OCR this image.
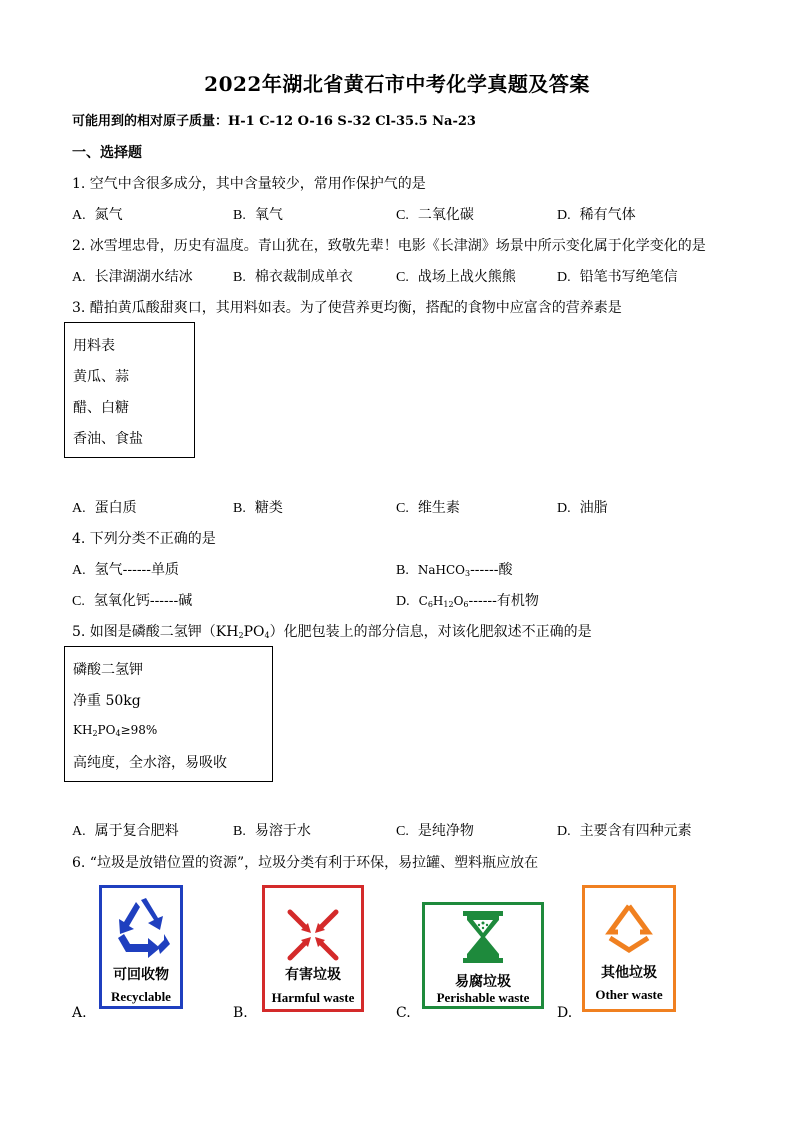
2022年湖北省黄石市中考化学真题及答案
可能用到的相对原子质量：H-1 C-12 O-16 S-32 Cl-35.5 Na-23
一、选择题
1. 空气中含很多成分，其中含量较少，常用作保护气的是
A. 氮气	B. 氧气	C. 二氧化碳	D. 稀有气体
2. 冰雪埋忠骨，历史有温度。青山犹在，致敬先辈！电影《长津湖》场景中所示变化属于化学变化的是
A. 长津湖湖水结冰	B. 棉衣裁制成单衣	C. 战场上战火熊熊	D. 铅笔书写绝笔信
3. 醋拍黄瓜酸甜爽口，其用料如表。为了使营养更均衡，搭配的食物中应富含的营养素是
用料表
黄瓜、蒜
醋、白糖
香油、食盐
A. 蛋白质	B. 糖类	C. 维生素	D. 油脂
4. 下列分类不正确的是
A. 氢气------单质	B. NaHCO$_3$------酸
C. 氢氧化钙------碱	D. $C_6H_{12}O_6------$有机物
5. 如图是磷酸二氢钾$(KH_2PO_4)$化肥包装上的部分信息，对该化肥叙述不正确的是
磷酸二氢钾
净重 50kg
$KH_2PO_4\ge 98\%$
高纯度，全水溶，易吸收
A. 属于复合肥料	B. 易溶于水	C. 是纯净物	D. 主要含有四种元素
6. “垃圾是放错位置的资源”，垃圾分类有利于环保，易拉罐、塑料瓶应放在
A.
可回收物
Recyclable
B.
有害垃圾
Harmful waste
C.
易腐垃圾
Perishable waste
D.
其他垃圾
Other waste
